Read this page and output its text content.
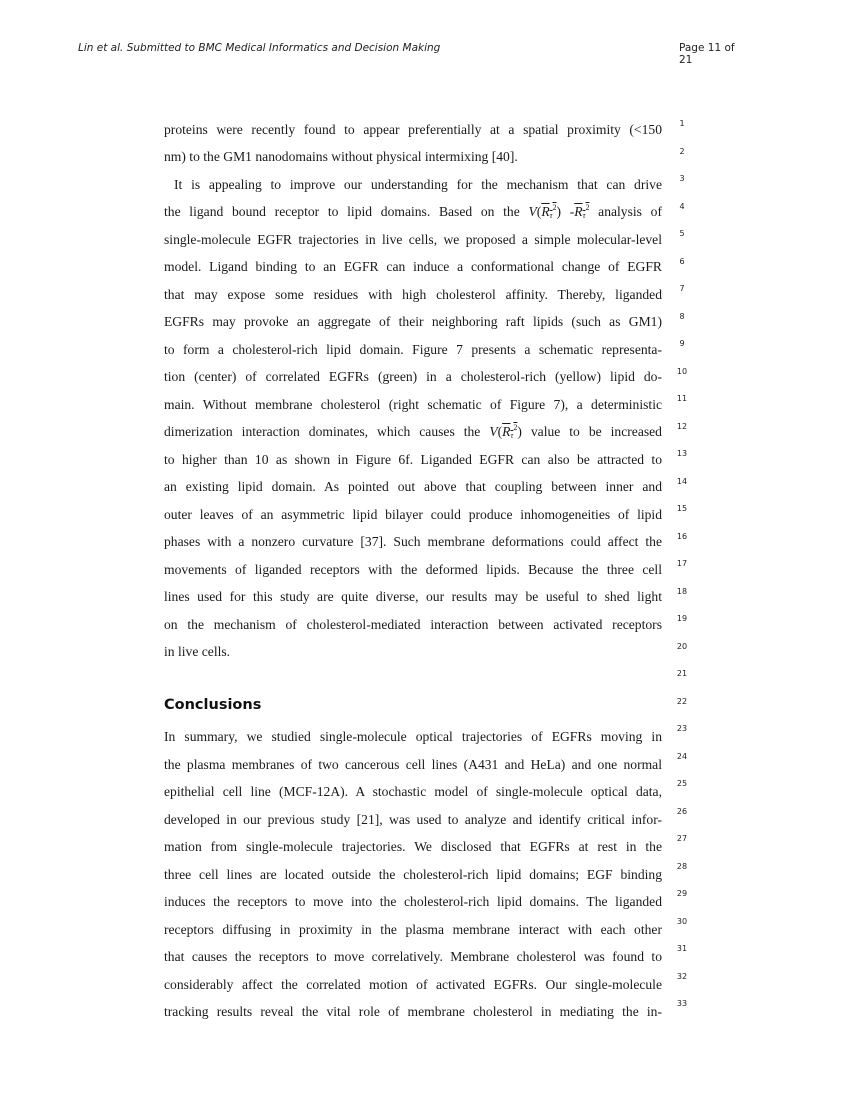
Lin et al. Submitted to BMC Medical Informatics and Decision Making	Page 11 of 21
proteins were recently found to appear preferentially at a spatial proximity (<150
nm) to the GM1 nanodomains without physical intermixing [40].
It is appealing to improve our understanding for the mechanism that can drive
the ligand bound receptor to lipid domains. Based on the $V(R_\tau^2)$ $-R_\tau^2$ analysis of
single-molecule EGFR trajectories in live cells, we proposed a simple molecular-level
model. Ligand binding to an EGFR can induce a conformational change of EGFR
that may expose some residues with high cholesterol affinity. Thereby, liganded
EGFRs may provoke an aggregate of their neighboring raft lipids (such as GM1)
to form a cholesterol-rich lipid domain. Figure 7 presents a schematic representa-
tion (center) of correlated EGFRs (green) in a cholesterol-rich (yellow) lipid do-
main. Without membrane cholesterol (right schematic of Figure 7), a deterministic
dimerization interaction dominates, which causes the $V(R_\tau^2)$ value to be increased
to higher than 10 as shown in Figure 6f. Liganded EGFR can also be attracted to
an existing lipid domain. As pointed out above that coupling between inner and
outer leaves of an asymmetric lipid bilayer could produce inhomogeneities of lipid
phases with a nonzero curvature [37]. Such membrane deformations could affect the
movements of liganded receptors with the deformed lipids. Because the three cell
lines used for this study are quite diverse, our results may be useful to shed light
on the mechanism of cholesterol-mediated interaction between activated receptors
in live cells.
Conclusions
In summary, we studied single-molecule optical trajectories of EGFRs moving in
the plasma membranes of two cancerous cell lines (A431 and HeLa) and one normal
epithelial cell line (MCF-12A). A stochastic model of single-molecule optical data,
developed in our previous study [21], was used to analyze and identify critical infor-
mation from single-molecule trajectories. We disclosed that EGFRs at rest in the
three cell lines are located outside the cholesterol-rich lipid domains; EGF binding
induces the receptors to move into the cholesterol-rich lipid domains. The liganded
receptors diffusing in proximity in the plasma membrane interact with each other
that causes the receptors to move correlatively. Membrane cholesterol was found to
considerably affect the correlated motion of activated EGFRs. Our single-molecule
tracking results reveal the vital role of membrane cholesterol in mediating the in-
1
2
3
4
5
6
7
8
9
10
11
12
13
14
15
16
17
18
19
20
21
22
23
24
25
26
27
28
29
30
31
32
33
